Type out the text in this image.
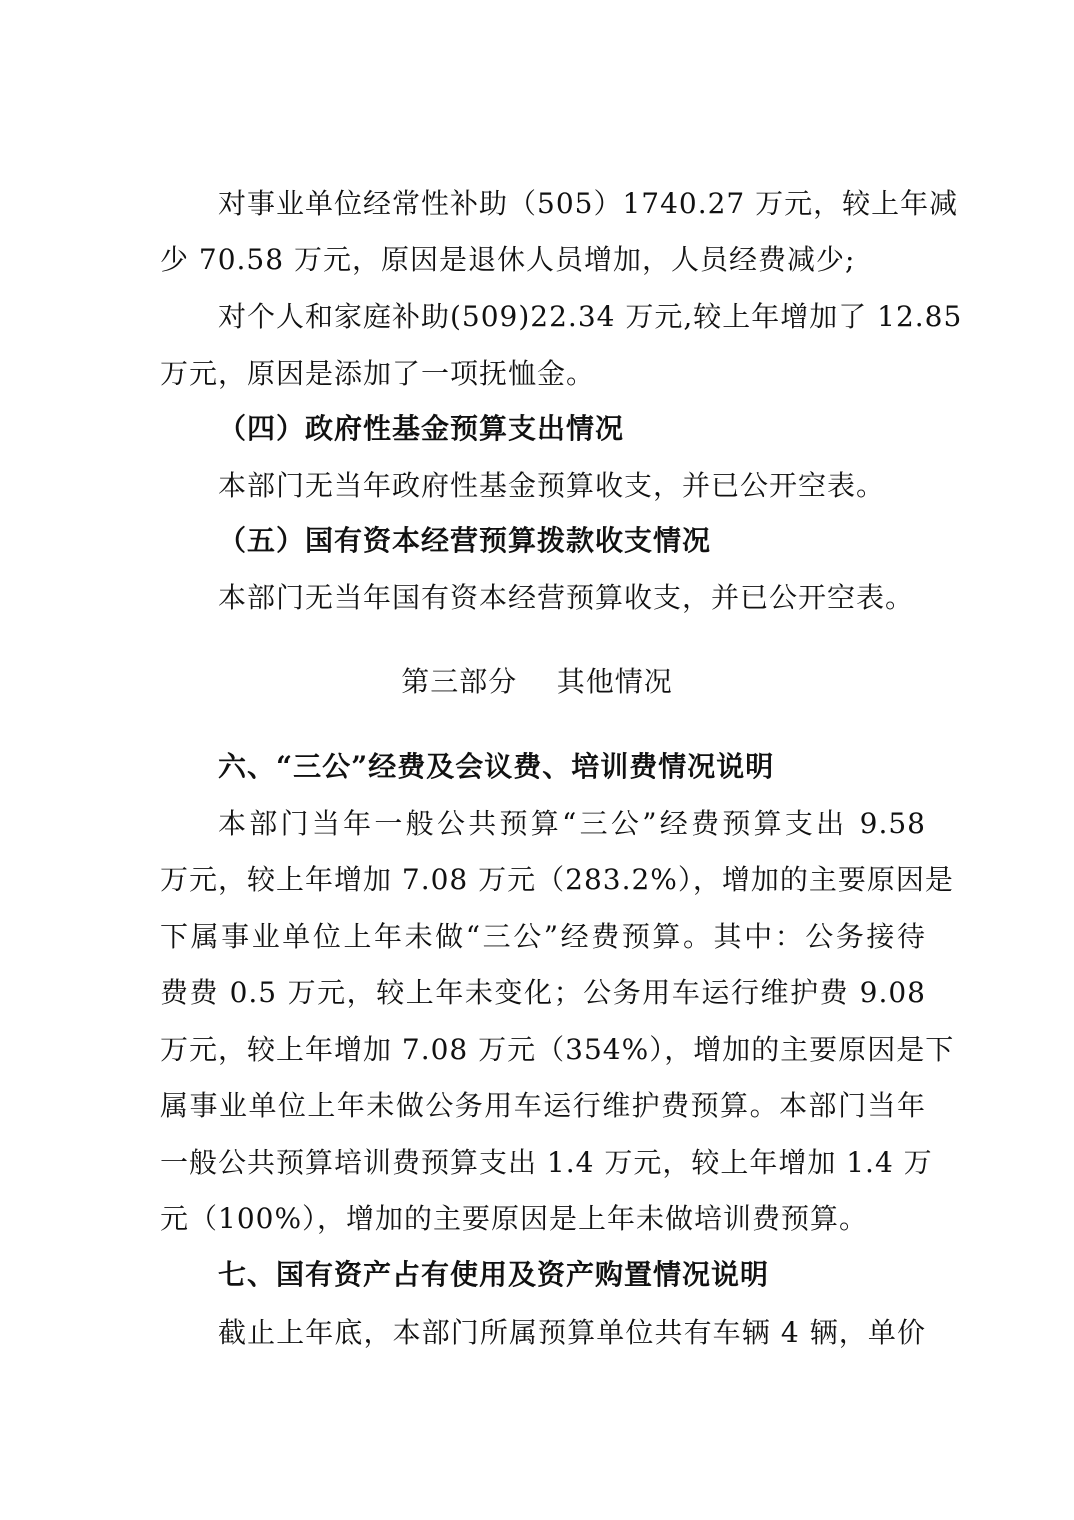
对事业单位经常性补助（505）1740.27 万元，较上年减
少 70.58 万元，原因是退休人员增加，人员经费减少;
对个人和家庭补助(509)22.34 万元,较上年增加了 12.85
万元，原因是添加了一项抚恤金。
（四）政府性基金预算支出情况
本部门无当年政府性基金预算收支，并已公开空表。
（五）国有资本经营预算拨款收支情况
本部门无当年国有资本经营预算收支，并已公开空表。
第三部分    其他情况
六、“三公”经费及会议费、培训费情况说明
本部门当年一般公共预算“三公”经费预算支出 9.58
万元，较上年增加 7.08 万元（283.2%），增加的主要原因是
下属事业单位上年未做“三公”经费预算。其中：公务接待
费费 0.5 万元，较上年未变化；公务用车运行维护费 9.08
万元，较上年增加 7.08 万元（354%），增加的主要原因是下
属事业单位上年未做公务用车运行维护费预算。本部门当年
一般公共预算培训费预算支出 1.4 万元，较上年增加 1.4 万
元（100%），增加的主要原因是上年未做培训费预算。
七、国有资产占有使用及资产购置情况说明
截止上年底，本部门所属预算单位共有车辆 4 辆，单价
